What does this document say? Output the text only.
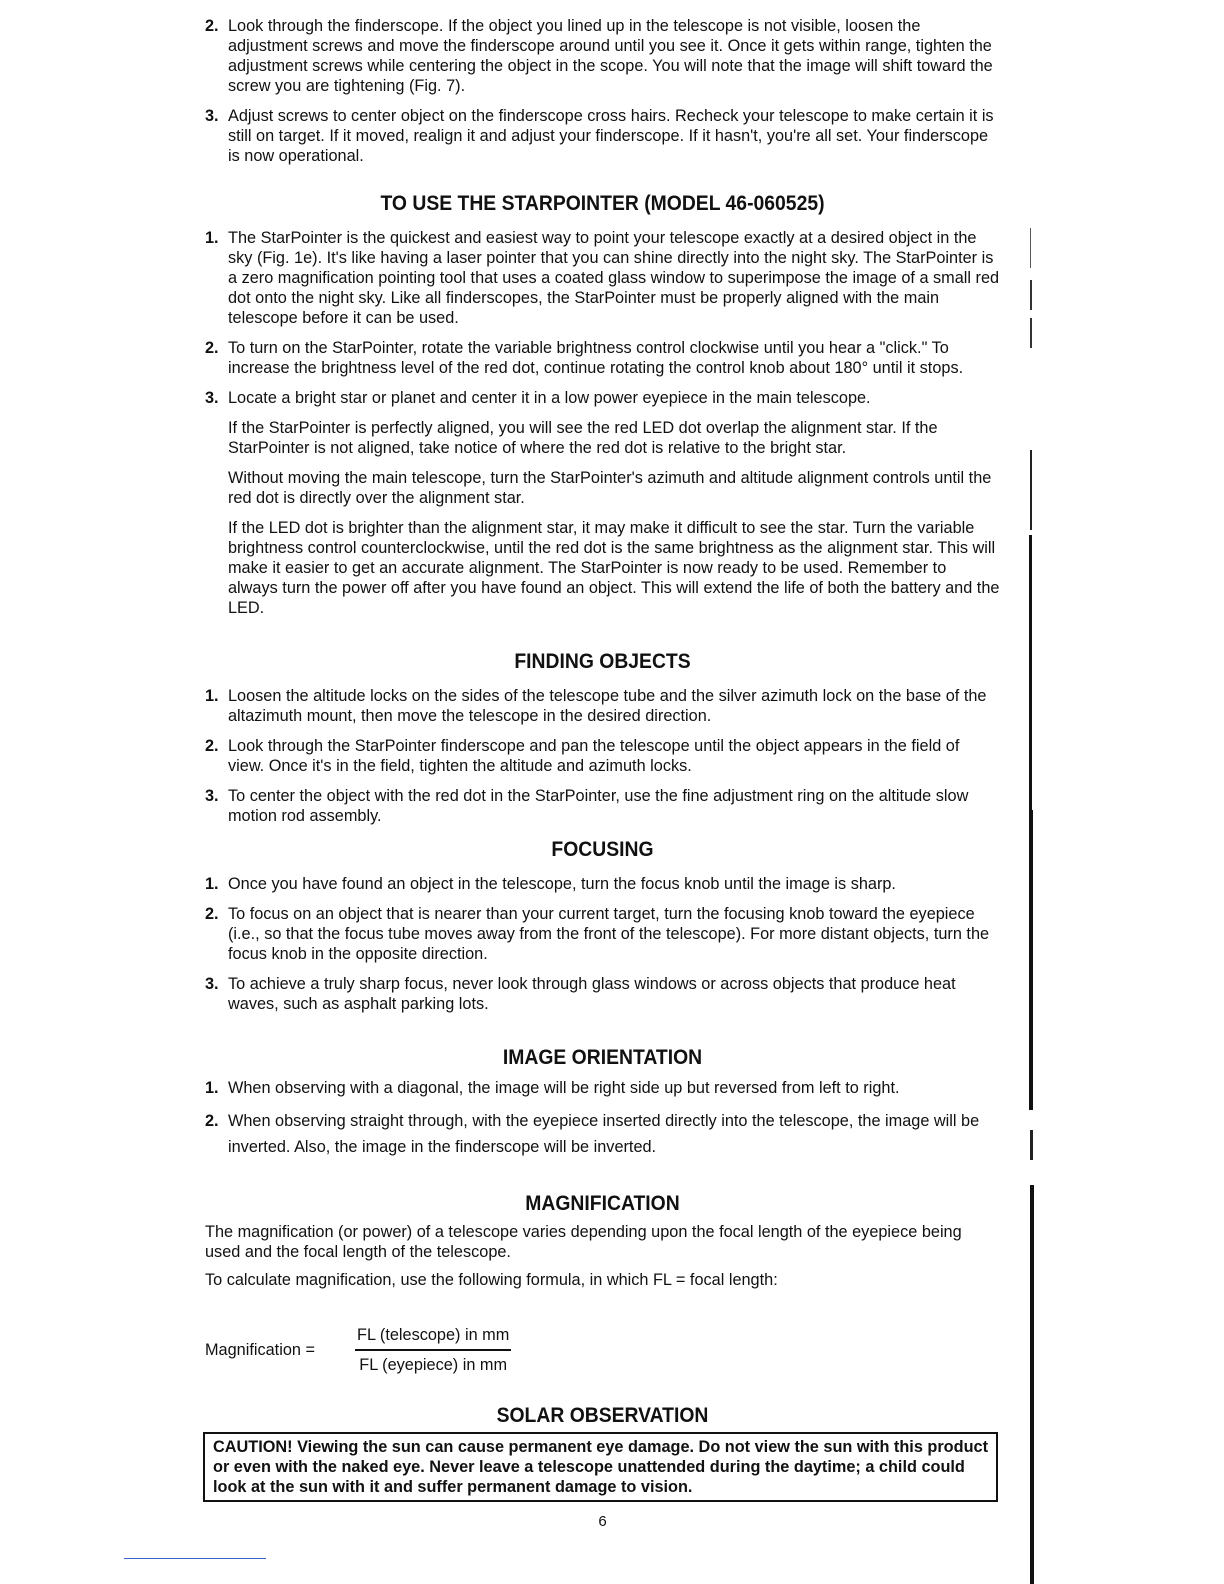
2. Look through the finderscope. If the object you lined up in the telescope is not visible, loosen the adjustment screws and move the finderscope around until you see it. Once it gets within range, tighten the adjustment screws while centering the object in the scope. You will note that the image will shift toward the screw you are tightening (Fig. 7).
3. Adjust screws to center object on the finderscope cross hairs. Recheck your telescope to make certain it is still on target. If it moved, realign it and adjust your finderscope. If it hasn't, you're all set. Your finderscope is now operational.
TO USE THE STARPOINTER (MODEL 46-060525)
1. The StarPointer is the quickest and easiest way to point your telescope exactly at a desired object in the sky (Fig. 1e). It's like having a laser pointer that you can shine directly into the night sky. The StarPointer is a zero magnification pointing tool that uses a coated glass window to superimpose the image of a small red dot onto the night sky. Like all finderscopes, the StarPointer must be properly aligned with the main telescope before it can be used.
2. To turn on the StarPointer, rotate the variable brightness control clockwise until you hear a "click." To increase the brightness level of the red dot, continue rotating the control knob about 180° until it stops.
3. Locate a bright star or planet and center it in a low power eyepiece in the main telescope.

If the StarPointer is perfectly aligned, you will see the red LED dot overlap the alignment star. If the StarPointer is not aligned, take notice of where the red dot is relative to the bright star.

Without moving the main telescope, turn the StarPointer's azimuth and altitude alignment controls until the red dot is directly over the alignment star.

If the LED dot is brighter than the alignment star, it may make it difficult to see the star. Turn the variable brightness control counterclockwise, until the red dot is the same brightness as the alignment star. This will make it easier to get an accurate alignment. The StarPointer is now ready to be used. Remember to always turn the power off after you have found an object. This will extend the life of both the battery and the LED.

FINDING OBJECTS
1. Loosen the altitude locks on the sides of the telescope tube and the silver azimuth lock on the base of the altazimuth mount, then move the telescope in the desired direction.
2. Look through the StarPointer finderscope and pan the telescope until the object appears in the field of view. Once it's in the field, tighten the altitude and azimuth locks.
3. To center the object with the red dot in the StarPointer, use the fine adjustment ring on the altitude slow motion rod assembly.
FOCUSING
1. Once you have found an object in the telescope, turn the focus knob until the image is sharp.
2. To focus on an object that is nearer than your current target, turn the focusing knob toward the eyepiece (i.e., so that the focus tube moves away from the front of the telescope). For more distant objects, turn the focus knob in the opposite direction.
3. To achieve a truly sharp focus, never look through glass windows or across objects that produce heat waves, such as asphalt parking lots.
IMAGE ORIENTATION
1. When observing with a diagonal, the image will be right side up but reversed from left to right.
2. When observing straight through, with the eyepiece inserted directly into the telescope, the image will be inverted. Also, the image in the finderscope will be inverted.
MAGNIFICATION

The magnification (or power) of a telescope varies depending upon the focal length of the eyepiece being used and the focal length of the telescope.

To calculate magnification, use the following formula, in which FL = focal length:

Magnification =	$\frac{\text{FL (telescope) in mm}}{\text{FL (eyepiece) in mm}}$
SOLAR OBSERVATION
CAUTION! Viewing the sun can cause permanent eye damage. Do not view the sun with this product or even with the naked eye. Never leave a telescope unattended during the daytime; a child could look at the sun with it and suffer permanent damage to vision.
6
